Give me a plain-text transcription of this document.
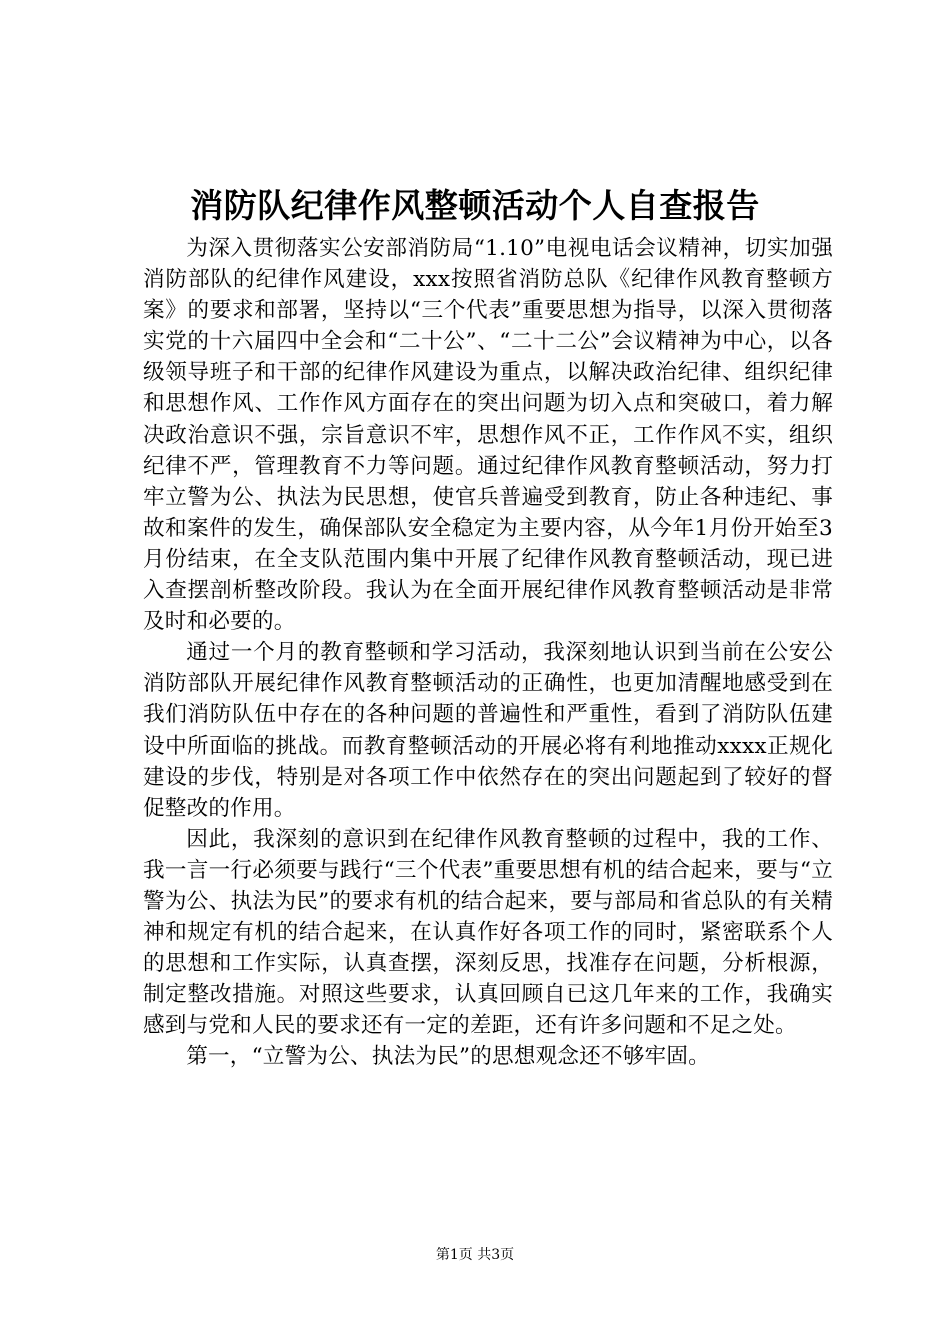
消防队纪律作风整顿活动个人自查报告

为深入贯彻落实公安部消防局“1.10”电视电话会议精神，切实加强消防部队的纪律作风建设，xxx按照省消防总队《纪律作风教育整顿方案》的要求和部署，坚持以“三个代表”重要思想为指导，以深入贯彻落实党的十六届四中全会和“二十公”、“二十二公”会议精神为中心，以各级领导班子和干部的纪律作风建设为重点，以解决政治纪律、组织纪律和思想作风、工作作风方面存在的突出问题为切入点和突破口，着力解决政治意识不强，宗旨意识不牢，思想作风不正，工作作风不实，组织纪律不严，管理教育不力等问题。通过纪律作风教育整顿活动，努力打牢立警为公、执法为民思想，使官兵普遍受到教育，防止各种违纪、事故和案件的发生，确保部队安全稳定为主要内容，从今年1月份开始至3月份结束，在全支队范围内集中开展了纪律作风教育整顿活动，现已进入查摆剖析整改阶段。我认为在全面开展纪律作风教育整顿活动是非常及时和必要的。

通过一个月的教育整顿和学习活动，我深刻地认识到当前在公安公消防部队开展纪律作风教育整顿活动的正确性，也更加清醒地感受到在我们消防队伍中存在的各种问题的普遍性和严重性，看到了消防队伍建设中所面临的挑战。而教育整顿活动的开展必将有利地推动xxxx正规化建设的步伐，特别是对各项工作中依然存在的突出问题起到了较好的督促整改的作用。

因此，我深刻的意识到在纪律作风教育整顿的过程中，我的工作、我一言一行必须要与践行“三个代表”重要思想有机的结合起来，要与“立警为公、执法为民”的要求有机的结合起来，要与部局和省总队的有关精神和规定有机的结合起来，在认真作好各项工作的同时，紧密联系个人的思想和工作实际，认真查摆，深刻反思，找准存在问题，分析根源，制定整改措施。对照这些要求，认真回顾自已这几年来的工作，我确实感到与党和人民的要求还有一定的差距，还有许多问题和不足之处。

第一，“立警为公、执法为民”的思想观念还不够牢固。

第1页 共3页
